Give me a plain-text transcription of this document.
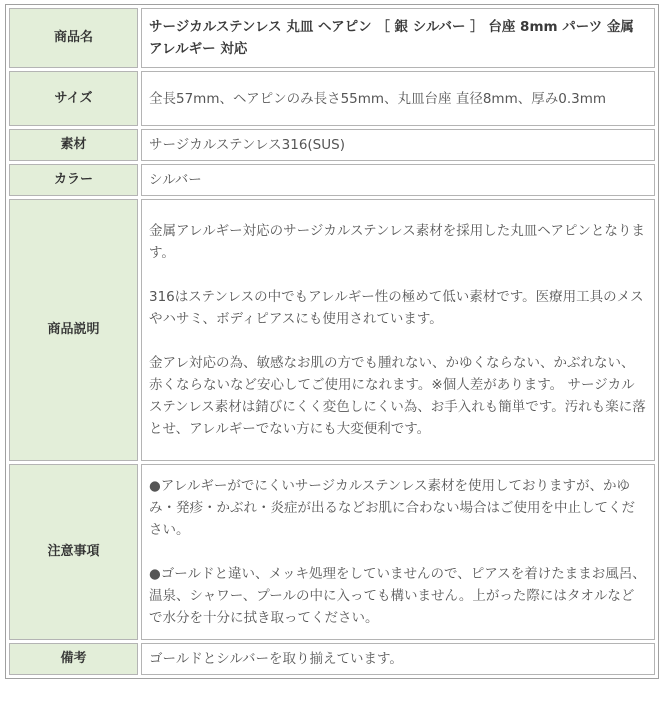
商品名	サージカルステンレス 丸皿 ヘアピン ［ 銀 シルバー ］ 台座 8mm パーツ 金属アレルギー 対応

サイズ	全長57mm、ヘアピンのみ長さ55mm、丸皿台座 直径8mm、厚み0.3mm

素材	サージカルステンレス316(SUS)

カラー	シルバー

商品説明	金属アレルギー対応のサージカルステンレス素材を採用した丸皿ヘアピンとなります。

316はステンレスの中でもアレルギー性の極めて低い素材です。医療用工具のメスやハサミ、ボディピアスにも使用されています。

金アレ対応の為、敏感なお肌の方でも腫れない、かゆくならない、かぶれない、赤くならないなど安心してご使用になれます。※個人差があります。 サージカルステンレス素材は錆びにくく変色しにくい為、お手入れも簡単です。汚れも楽に落とせ、アレルギーでない方にも大変便利です。

注意事項	●アレルギーがでにくいサージカルステンレス素材を使用しておりますが、かゆみ・発疹・かぶれ・炎症が出るなどお肌に合わない場合はご使用を中止してください。

●ゴールドと違い、メッキ処理をしていませんので、ピアスを着けたままお風呂、温泉、シャワー、プールの中に入っても構いません。上がった際にはタオルなどで水分を十分に拭き取ってください。

備考	ゴールドとシルバーを取り揃えています。
